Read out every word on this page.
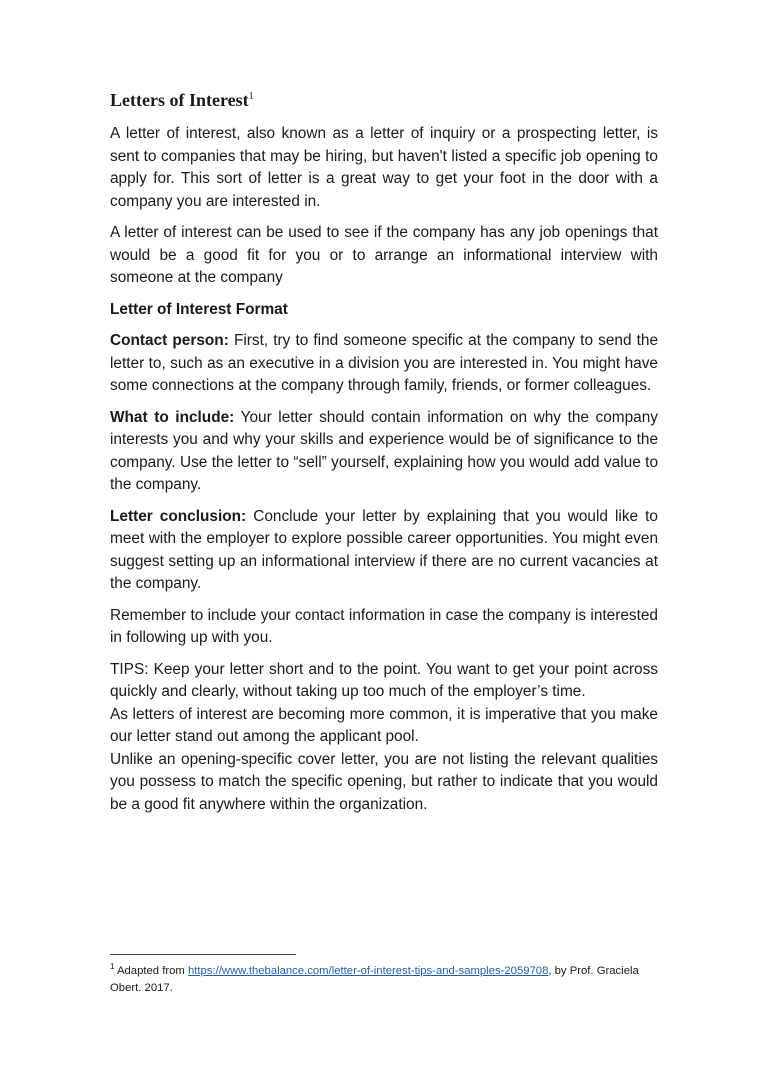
Letters of Interest$^1$

A letter of interest, also known as a letter of inquiry or a prospecting letter, is sent to companies that may be hiring, but haven't listed a specific job opening to apply for. This sort of letter is a great way to get your foot in the door with a company you are interested in.

A letter of interest can be used to see if the company has any job openings that would be a good fit for you or to arrange an informational interview with someone at the company

Letter of Interest Format

Contact person: First, try to find someone specific at the company to send the letter to, such as an executive in a division you are interested in. You might have some connections at the company through family, friends, or former colleagues.

What to include: Your letter should contain information on why the company interests you and why your skills and experience would be of significance to the company. Use the letter to “sell” yourself, explaining how you would add value to the company.

Letter conclusion: Conclude your letter by explaining that you would like to meet with the employer to explore possible career opportunities. You might even suggest setting up an informational interview if there are no current vacancies at the company.

Remember to include your contact information in case the company is interested in following up with you.

TIPS: Keep your letter short and to the point. You want to get your point across quickly and clearly, without taking up too much of the employer’s time.

As letters of interest are becoming more common, it is imperative that you make our letter stand out among the applicant pool.

Unlike an opening-specific cover letter, you are not listing the relevant qualities you possess to match the specific opening, but rather to indicate that you would be a good fit anywhere within the organization.

$^1$ Adapted from https://www.thebalance.com/letter-of-interest-tips-and-samples-2059708, by Prof. Graciela Obert. 2017.
